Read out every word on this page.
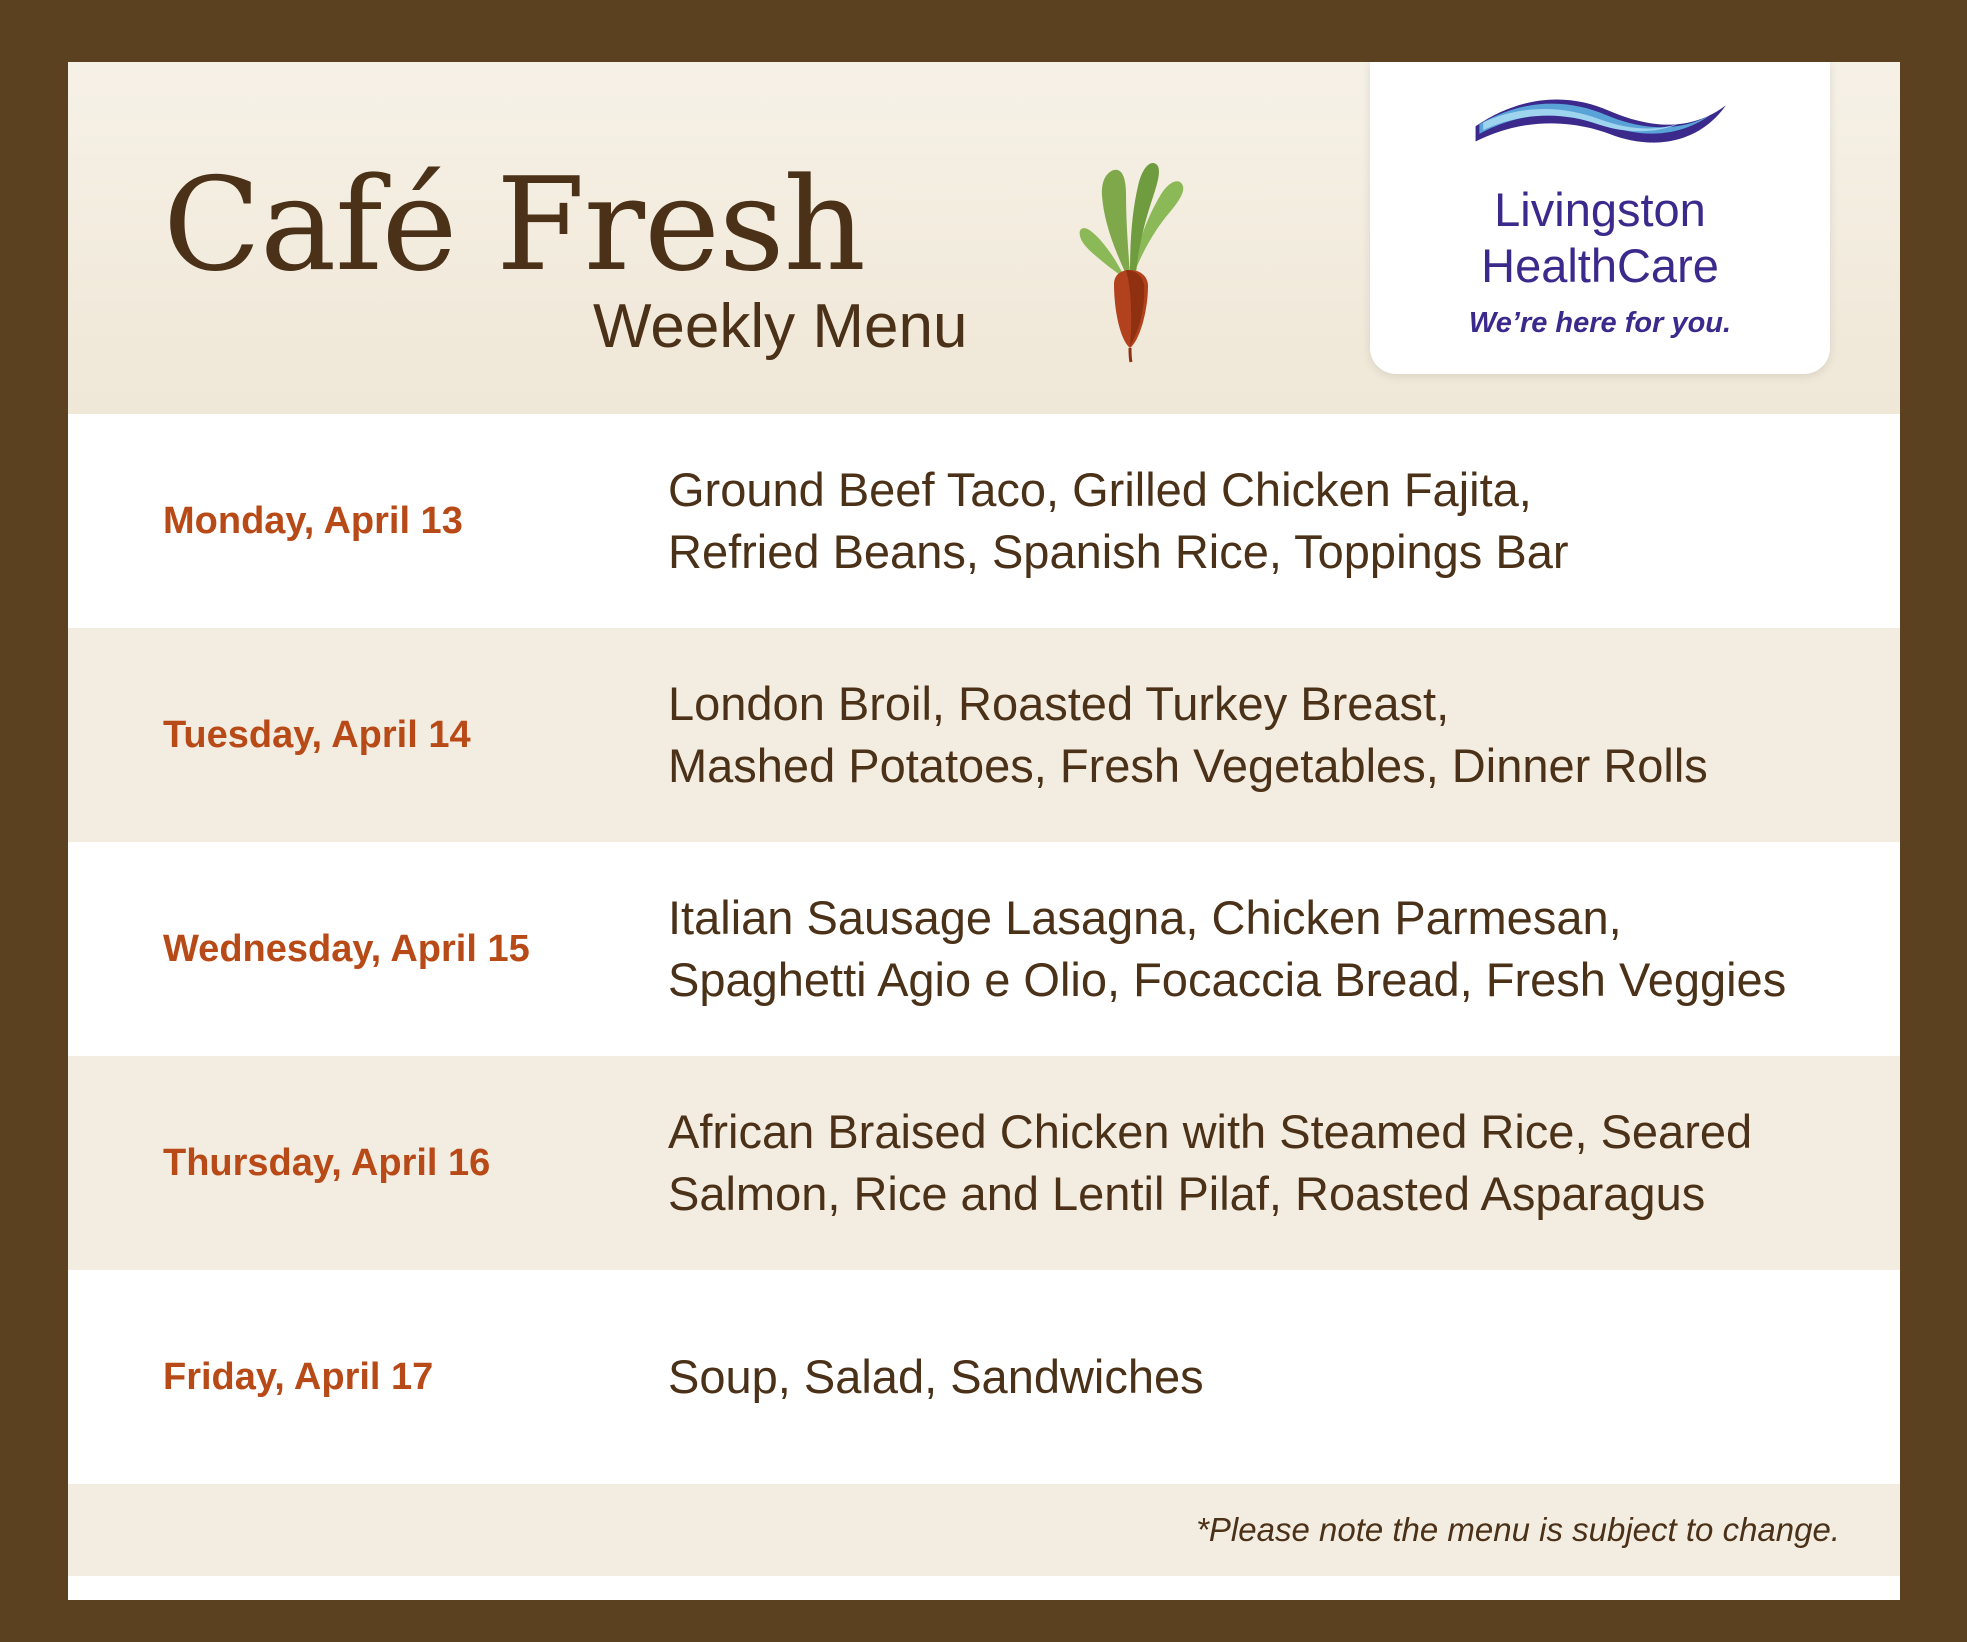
Café Fresh
Weekly Menu
Livingston
HealthCare
We’re here for you.
Monday, April 13
Ground Beef Taco, Grilled Chicken Fajita,
Refried Beans, Spanish Rice, Toppings Bar
Tuesday, April 14
London Broil, Roasted Turkey Breast,
Mashed Potatoes, Fresh Vegetables, Dinner Rolls
Wednesday, April 15
Italian Sausage Lasagna, Chicken Parmesan,
Spaghetti Agio e Olio, Focaccia Bread, Fresh Veggies
Thursday, April 16
African Braised Chicken with Steamed Rice, Seared
Salmon, Rice and Lentil Pilaf, Roasted Asparagus
Friday, April 17	Soup, Salad, Sandwiches
*Please note the menu is subject to change.
